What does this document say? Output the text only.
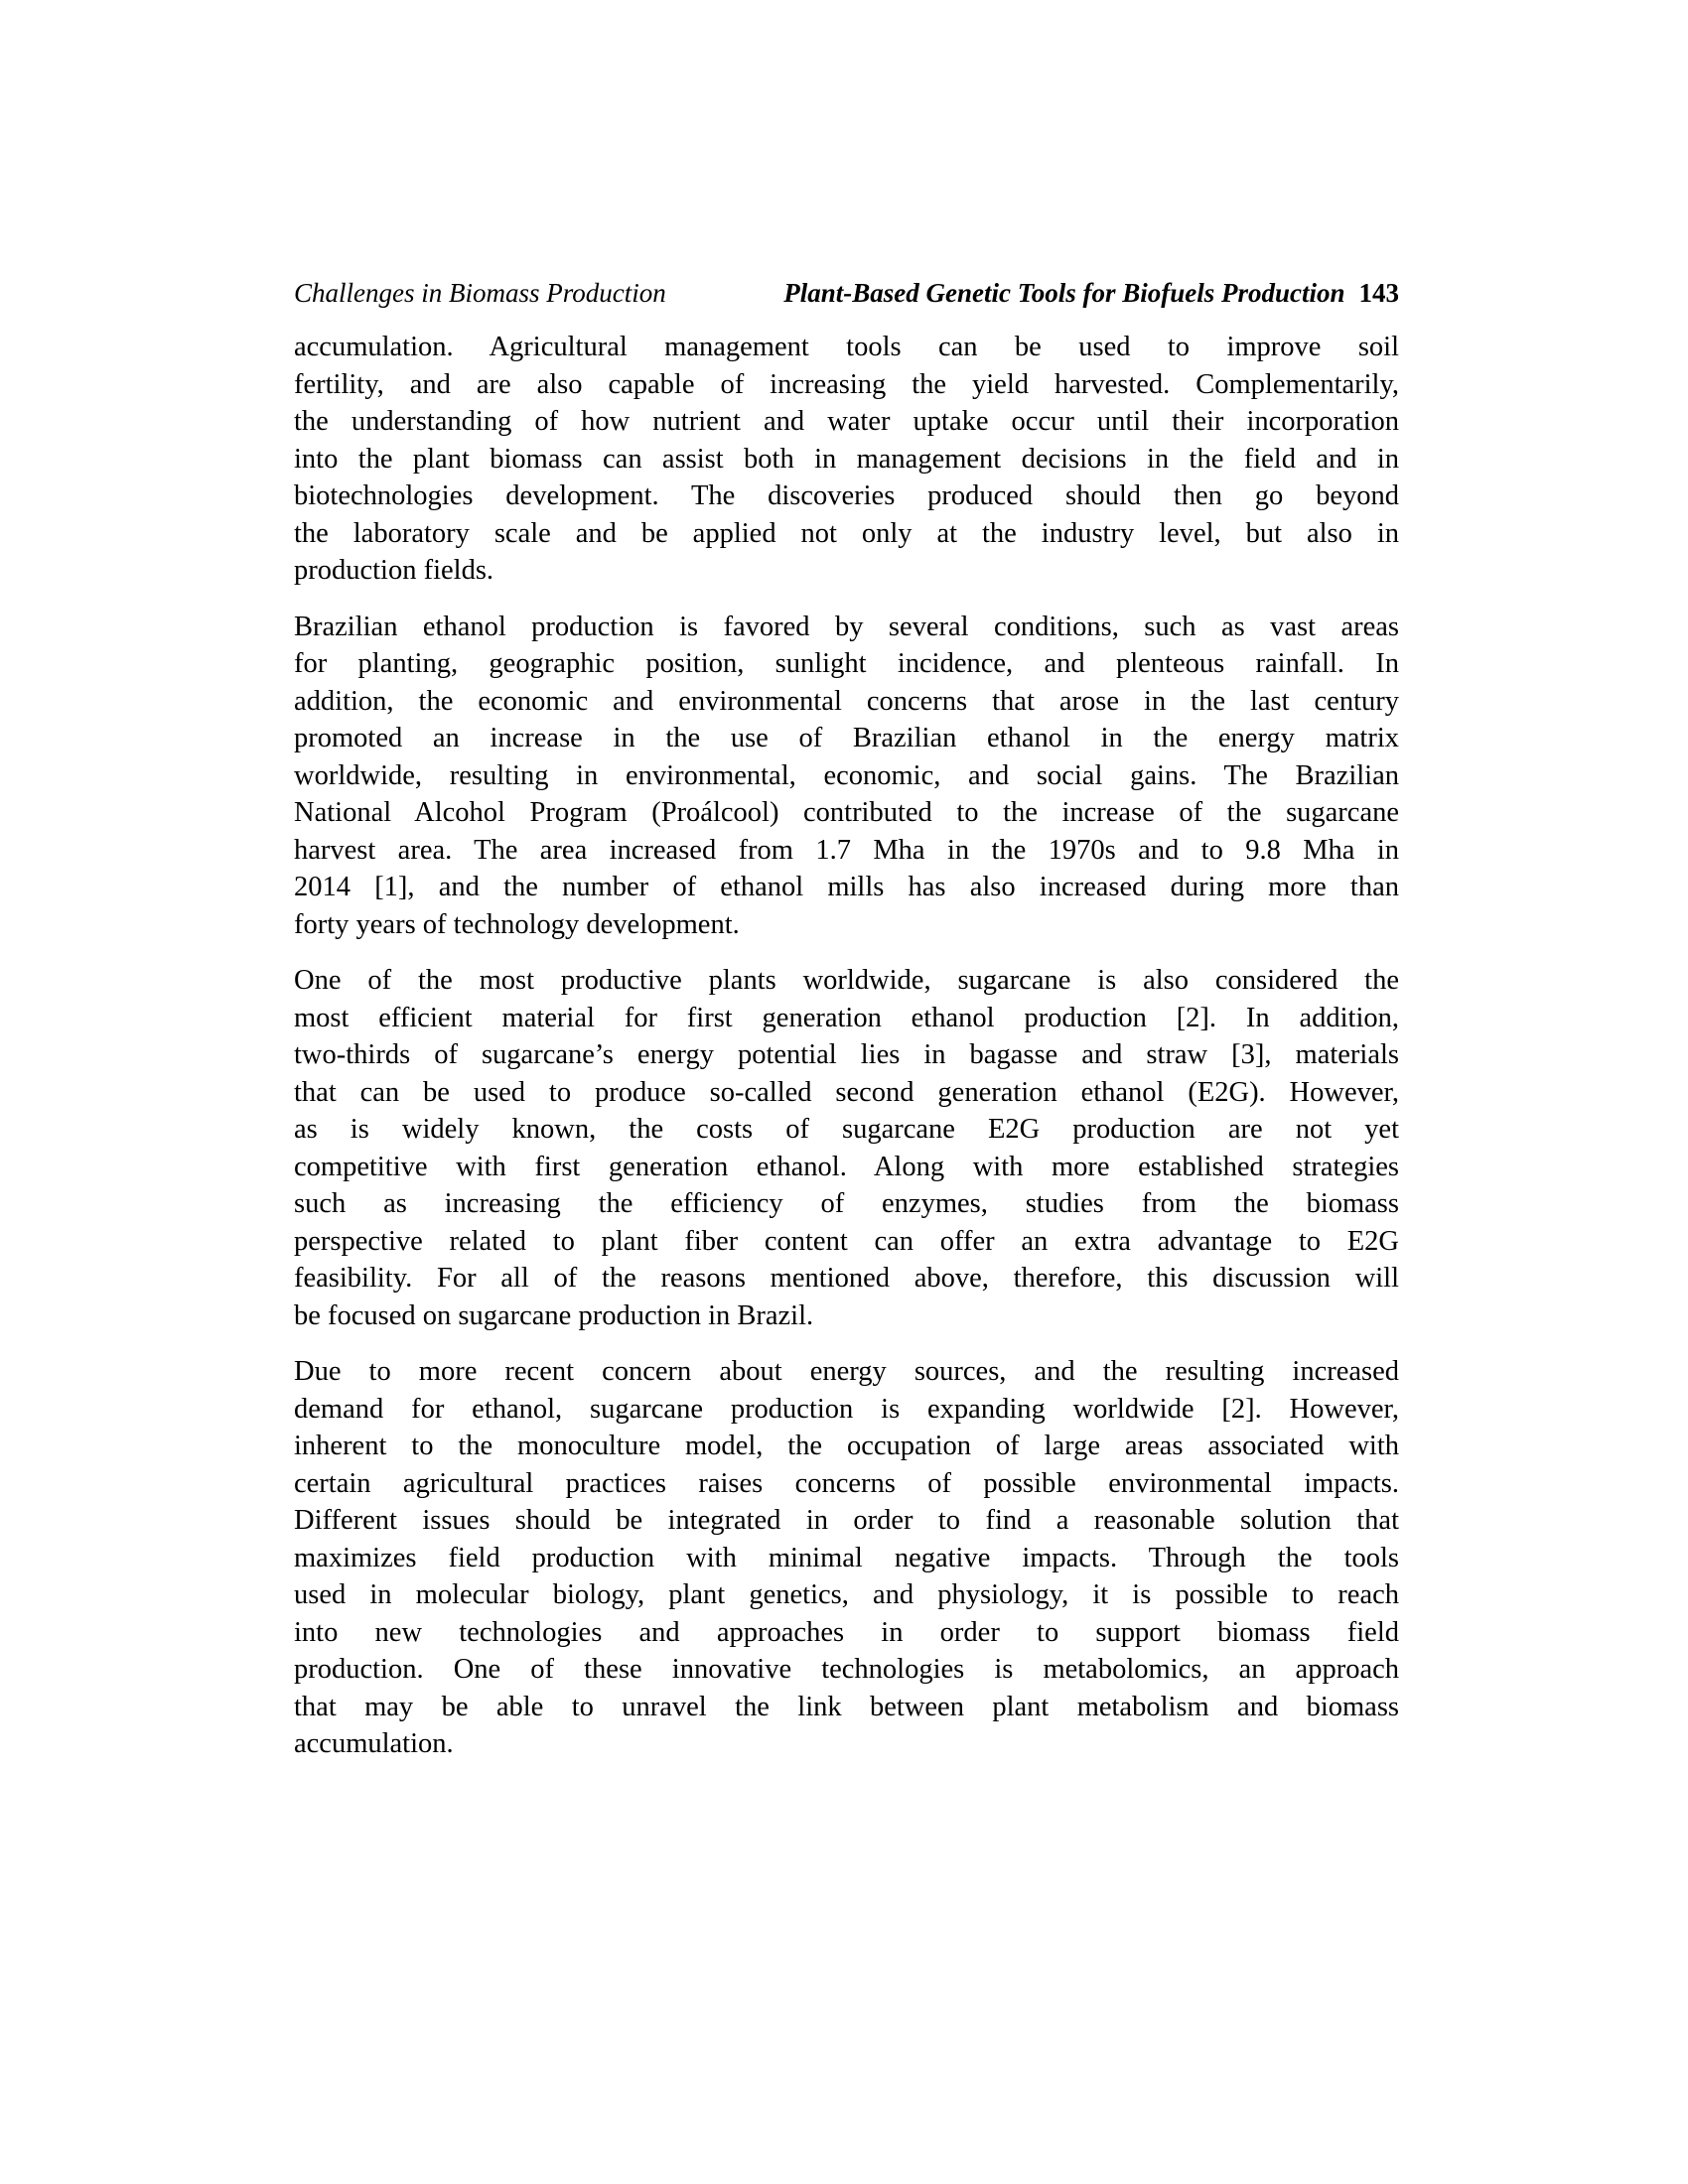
Challenges in Biomass Production	Plant-Based Genetic Tools for Biofuels Production 143
accumulation. Agricultural management tools can be used to improve soil
fertility, and are also capable of increasing the yield harvested. Complementarily,
the understanding of how nutrient and water uptake occur until their incorporation
into the plant biomass can assist both in management decisions in the field and in
biotechnologies development. The discoveries produced should then go beyond
the laboratory scale and be applied not only at the industry level, but also in
production fields.
Brazilian ethanol production is favored by several conditions, such as vast areas
for planting, geographic position, sunlight incidence, and plenteous rainfall. In
addition, the economic and environmental concerns that arose in the last century
promoted an increase in the use of Brazilian ethanol in the energy matrix
worldwide, resulting in environmental, economic, and social gains. The Brazilian
National Alcohol Program (Proálcool) contributed to the increase of the sugarcane
harvest area. The area increased from 1.7 Mha in the 1970s and to 9.8 Mha in
2014 [1], and the number of ethanol mills has also increased during more than
forty years of technology development.
One of the most productive plants worldwide, sugarcane is also considered the
most efficient material for first generation ethanol production [2]. In addition,
two-thirds of sugarcane’s energy potential lies in bagasse and straw [3], materials
that can be used to produce so-called second generation ethanol (E2G). However,
as is widely known, the costs of sugarcane E2G production are not yet
competitive with first generation ethanol. Along with more established strategies
such as increasing the efficiency of enzymes, studies from the biomass
perspective related to plant fiber content can offer an extra advantage to E2G
feasibility. For all of the reasons mentioned above, therefore, this discussion will
be focused on sugarcane production in Brazil.
Due to more recent concern about energy sources, and the resulting increased
demand for ethanol, sugarcane production is expanding worldwide [2]. However,
inherent to the monoculture model, the occupation of large areas associated with
certain agricultural practices raises concerns of possible environmental impacts.
Different issues should be integrated in order to find a reasonable solution that
maximizes field production with minimal negative impacts. Through the tools
used in molecular biology, plant genetics, and physiology, it is possible to reach
into new technologies and approaches in order to support biomass field
production. One of these innovative technologies is metabolomics, an approach
that may be able to unravel the link between plant metabolism and biomass
accumulation.
